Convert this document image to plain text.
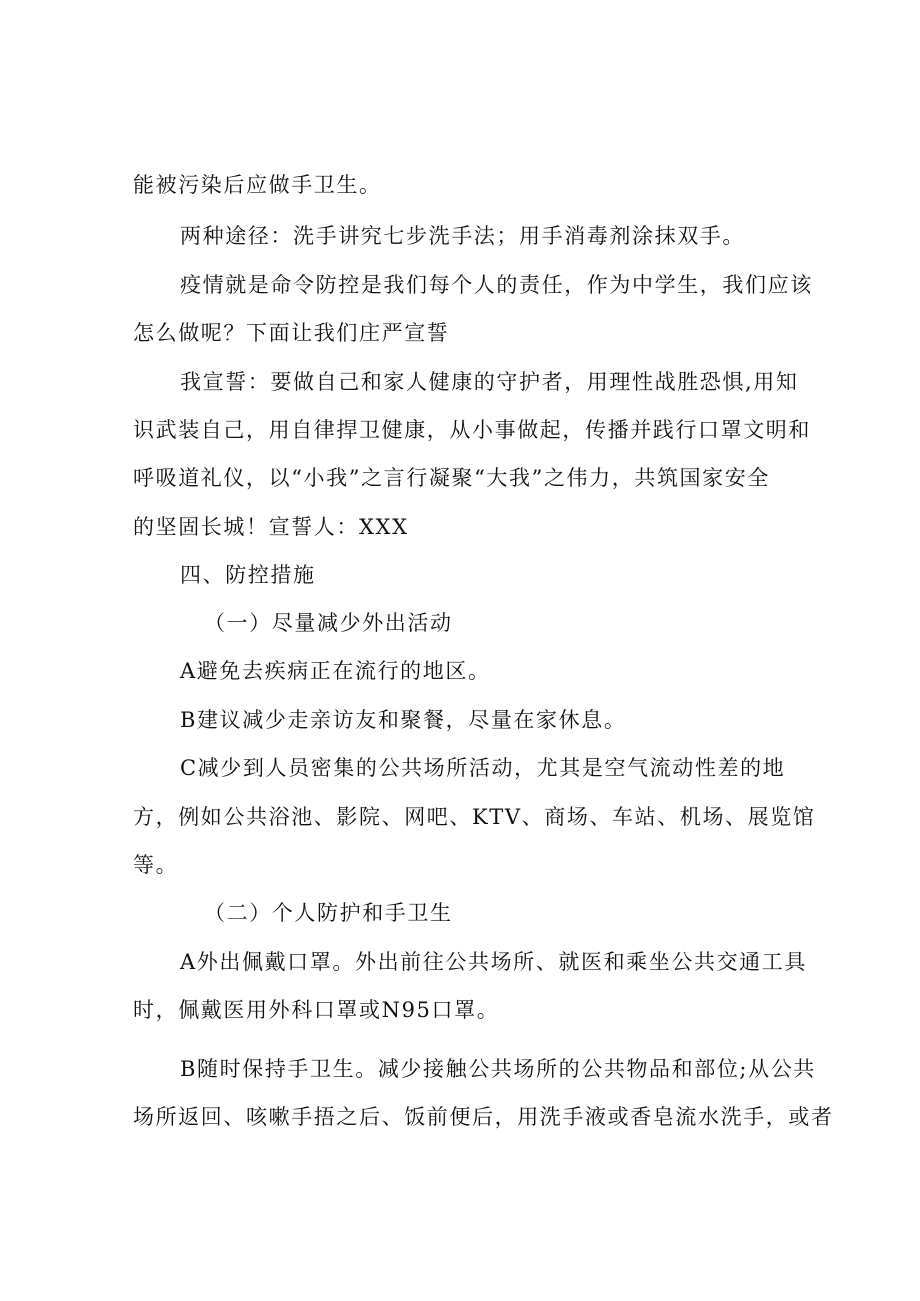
能被污染后应做手卫生。
两种途径：洗手讲究七步洗手法；用手消毒剂涂抹双手。
疫情就是命令防控是我们每个人的责任，作为中学生，我们应该
怎么做呢？下面让我们庄严宣誓
我宣誓：要做自己和家人健康的守护者，用理性战胜恐惧,用知
识武装自己，用自律捍卫健康，从小事做起，传播并践行口罩文明和
呼吸道礼仪，以“小我”之言行凝聚“大我”之伟力，共筑国家安全
的坚固长城！宣誓人：XXX
四、防控措施
（一）尽量减少外出活动
A避免去疾病正在流行的地区。
B建议减少走亲访友和聚餐，尽量在家休息。
C减少到人员密集的公共场所活动，尤其是空气流动性差的地
方，例如公共浴池、影院、网吧、KTV、商场、车站、机场、展览馆
等。
（二）个人防护和手卫生
A外出佩戴口罩。外出前往公共场所、就医和乘坐公共交通工具
时，佩戴医用外科口罩或N95口罩。
B随时保持手卫生。减少接触公共场所的公共物品和部位;从公共
场所返回、咳嗽手捂之后、饭前便后，用洗手液或香皂流水洗手，或者
